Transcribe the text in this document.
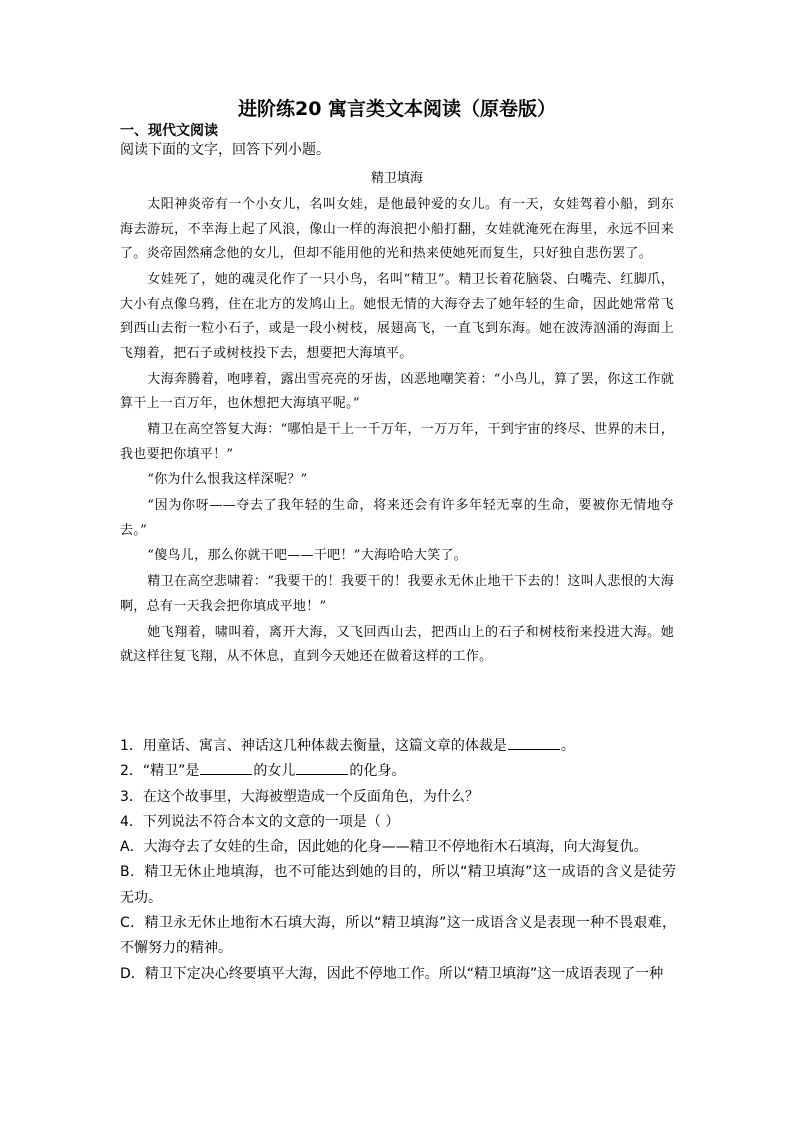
进阶练20 寓言类文本阅读（原卷版）
一、现代文阅读
阅读下面的文字，回答下列小题。
精卫填海

太阳神炎帝有一个小女儿，名叫女娃，是他最钟爱的女儿。有一天，女娃驾着小船，到东海去游玩，不幸海上起了风浪，像山一样的海浪把小船打翻，女娃就淹死在海里，永远不回来了。炎帝固然痛念他的女儿，但却不能用他的光和热来使她死而复生，只好独自悲伤罢了。

女娃死了，她的魂灵化作了一只小鸟，名叫“精卫”。精卫长着花脑袋、白嘴壳、红脚爪，大小有点像乌鸦，住在北方的发鸠山上。她恨无情的大海夺去了她年轻的生命，因此她常常飞到西山去衔一粒小石子，或是一段小树枝，展翅高飞，一直飞到东海。她在波涛汹涌的海面上飞翔着，把石子或树枝投下去，想要把大海填平。

大海奔腾着，咆哮着，露出雪亮亮的牙齿，凶恶地嘲笑着：“小鸟儿，算了罢，你这工作就算干上一百万年，也休想把大海填平呢。”

精卫在高空答复大海：“哪怕是干上一千万年，一万万年，干到宇宙的终尽、世界的末日，我也要把你填平！”

“你为什么恨我这样深呢？”

“因为你呀——夺去了我年轻的生命，将来还会有许多年轻无辜的生命，要被你无情地夺去。”

“傻鸟儿，那么你就干吧——干吧！”大海哈哈大笑了。

精卫在高空悲啸着：“我要干的！我要干的！我要永无休止地干下去的！这叫人悲恨的大海啊，总有一天我会把你填成平地！”

她飞翔着，啸叫着，离开大海，又飞回西山去，把西山上的石子和树枝衔来投进大海。她就这样往复飞翔，从不休息，直到今天她还在做着这样的工作。

1．用童话、寓言、神话这几种体裁去衡量，这篇文章的体裁是	。

2．“精卫”是	的女儿	的化身。

3．在这个故事里，大海被塑造成一个反面角色，为什么？

4．下列说法不符合本文的文意的一项是（ ）

A．大海夺去了女娃的生命，因此她的化身——精卫不停地衔木石填海，向大海复仇。

B．精卫无休止地填海，也不可能达到她的目的，所以“精卫填海”这一成语的含义是徒劳无功。

C．精卫永无休止地衔木石填大海，所以“精卫填海”这一成语含义是表现一种不畏艰难，不懈努力的精神。

D．精卫下定决心终要填平大海，因此不停地工作。所以“精卫填海”这一成语表现了一种
